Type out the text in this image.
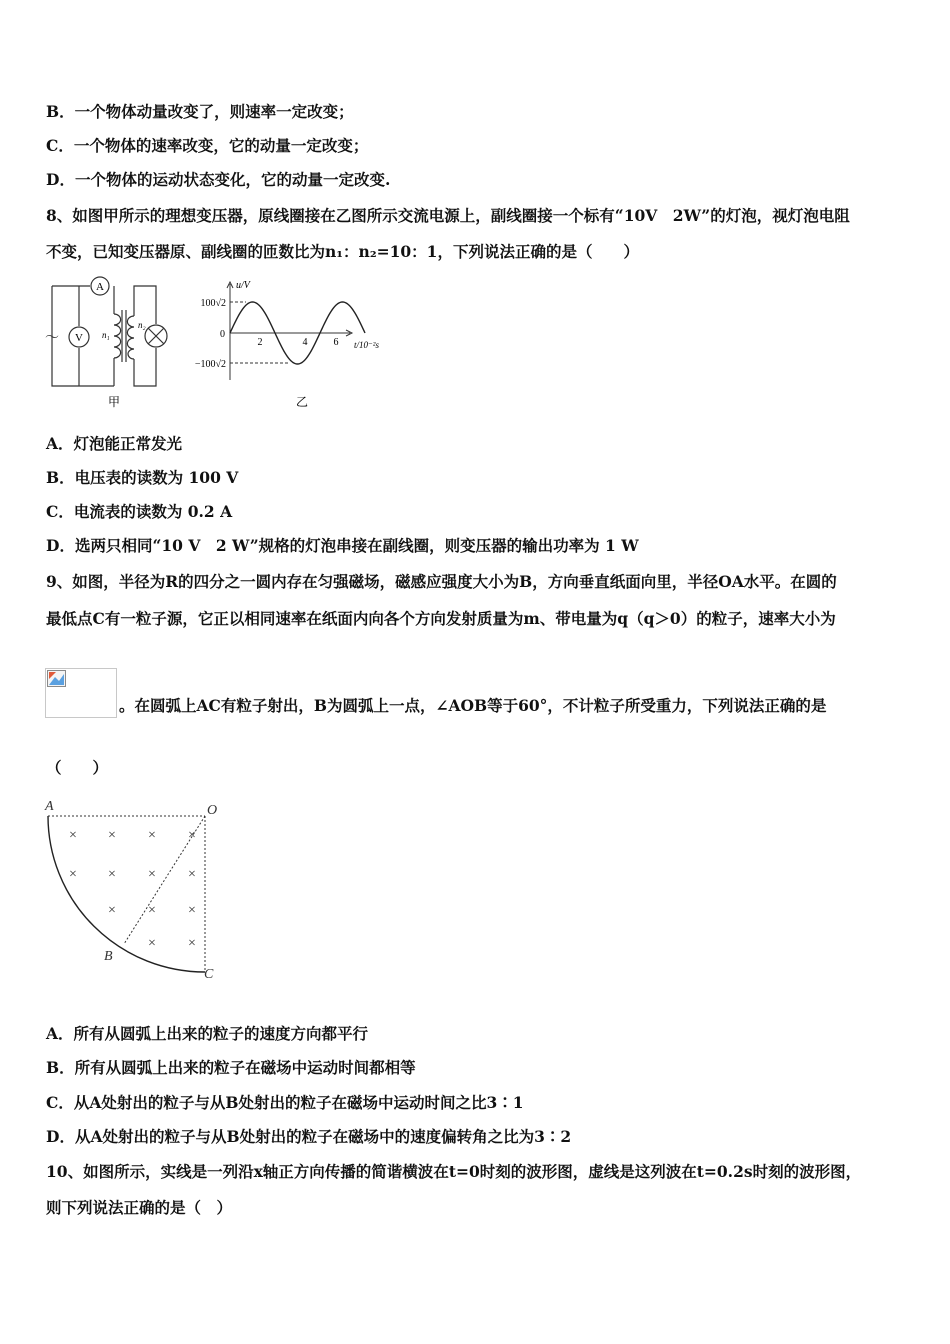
B．一个物体动量改变了，则速率一定改变；
C．一个物体的速率改变，它的动量一定改变；
D．一个物体的运动状态变化，它的动量一定改变.
8、如图甲所示的理想变压器，原线圈接在乙图所示交流电源上，副线圈接一个标有“10V　2W”的灯泡，视灯泡电阻
不变，已知变压器原、副线圈的匝数比为n₁：n₂=10：1，下列说法正确的是（　　）
A
V
～	n₁
n₂
甲
u/V
t/10⁻²s
100√2
0
−100√2
2	4	6
乙
A．灯泡能正常发光
B．电压表的读数为 100 V
C．电流表的读数为 0.2 A
D．选两只相同“10 V　2 W”规格的灯泡串接在副线圈，则变压器的输出功率为 1 W
9、如图，半径为R的四分之一圆内存在匀强磁场，磁感应强度大小为B，方向垂直纸面向里，半径OA水平。在圆的
最低点C有一粒子源，它正以相同速率在纸面内向各个方向发射质量为m、带电量为q（q＞0）的粒子，速率大小为
。在圆弧上AC有粒子射出，B为圆弧上一点，∠AOB等于60°，不计粒子所受重力，下列说法正确的是
（　　）
× × × ×
× × × ×
× × ×
× ×
A	O
B
C
A．所有从圆弧上出来的粒子的速度方向都平行
B．所有从圆弧上出来的粒子在磁场中运动时间都相等
C．从A处射出的粒子与从B处射出的粒子在磁场中运动时间之比3∶1
D．从A处射出的粒子与从B处射出的粒子在磁场中的速度偏转角之比为3∶2
10、如图所示，实线是一列沿x轴正方向传播的简谐横波在t=0时刻的波形图，虚线是这列波在t=0.2s时刻的波形图，
则下列说法正确的是（　）
